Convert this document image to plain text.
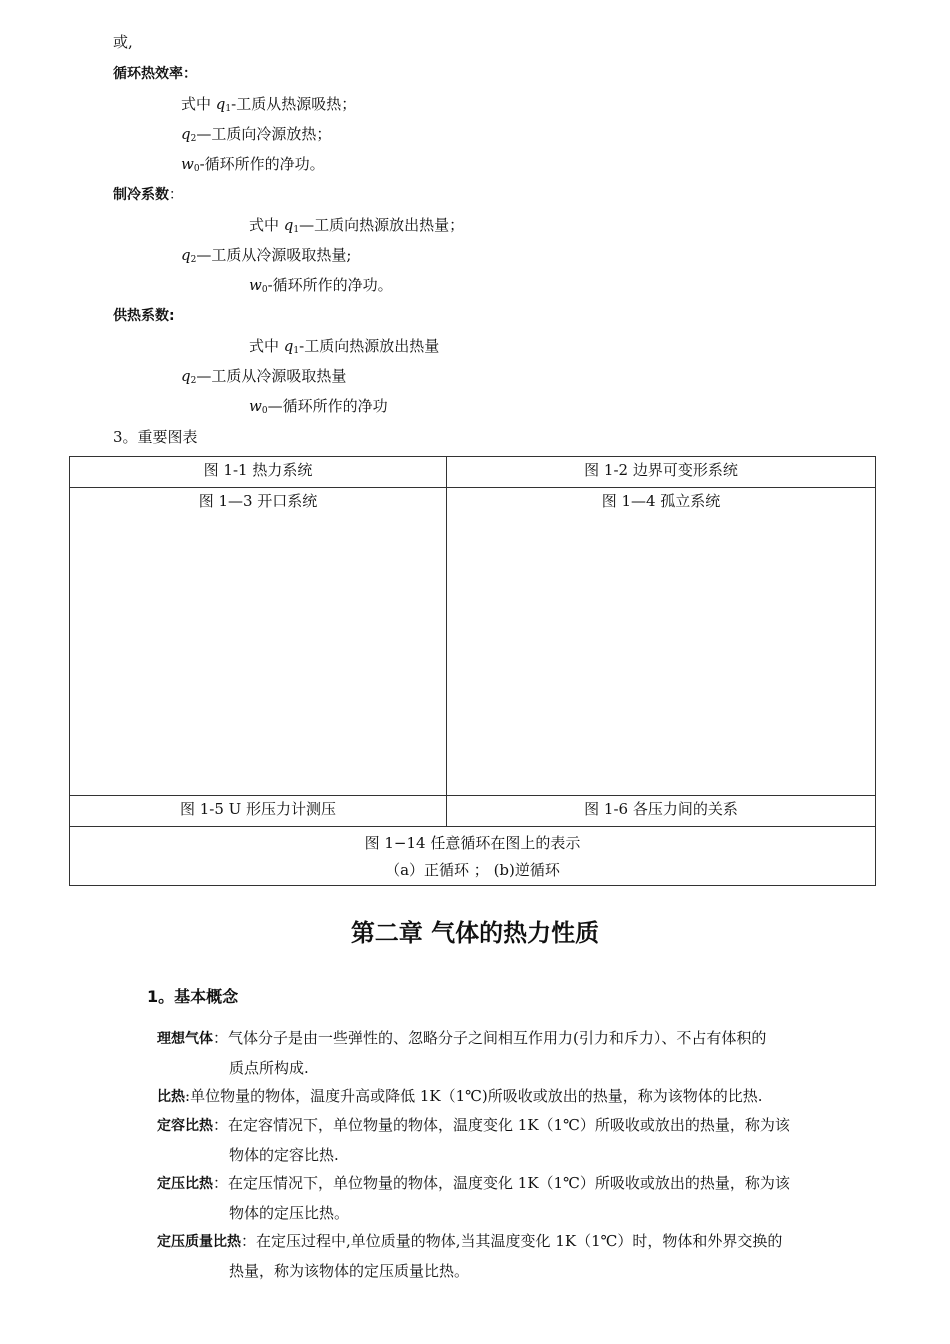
或,
循环热效率：
式中 $q_1-$工质从热源吸热；
$q_2—$工质向冷源放热；
$w_0-$循环所作的净功。
制冷系数：
式中 $q_1—$工质向热源放出热量；
$q_2—$工质从冷源吸取热量;
$w_0-$循环所作的净功。
供热系数:
式中 $q_1-$工质向热源放出热量
$q_2—$工质从冷源吸取热量
$w_0—$循环所作的净功
3。重要图表
图 1-1 热力系统	图 1-2 边界可变形系统
图 1—3 开口系统	图 1—4 孤立系统
图 1-5 U 形压力计测压	图 1-6 各压力间的关系

图 1−14 任意循环在图上的表示
（a）正循环 ； (b)逆循环	
第二章 气体的热力性质
1。基本概念
理想气体：气体分子是由一些弹性的、忽略分子之间相互作用力(引力和斥力）、不占有体积的
质点所构成.
比热:单位物量的物体，温度升高或降低 1K（1℃)所吸收或放出的热量，称为该物体的比热.
定容比热：在定容情况下，单位物量的物体，温度变化 1K（1℃）所吸收或放出的热量，称为该
物体的定容比热.
定压比热：在定压情况下，单位物量的物体，温度变化 1K（1℃）所吸收或放出的热量，称为该
物体的定压比热。
定压质量比热：在定压过程中,单位质量的物体,当其温度变化 1K（1℃）时，物体和外界交换的
热量，称为该物体的定压质量比热。
